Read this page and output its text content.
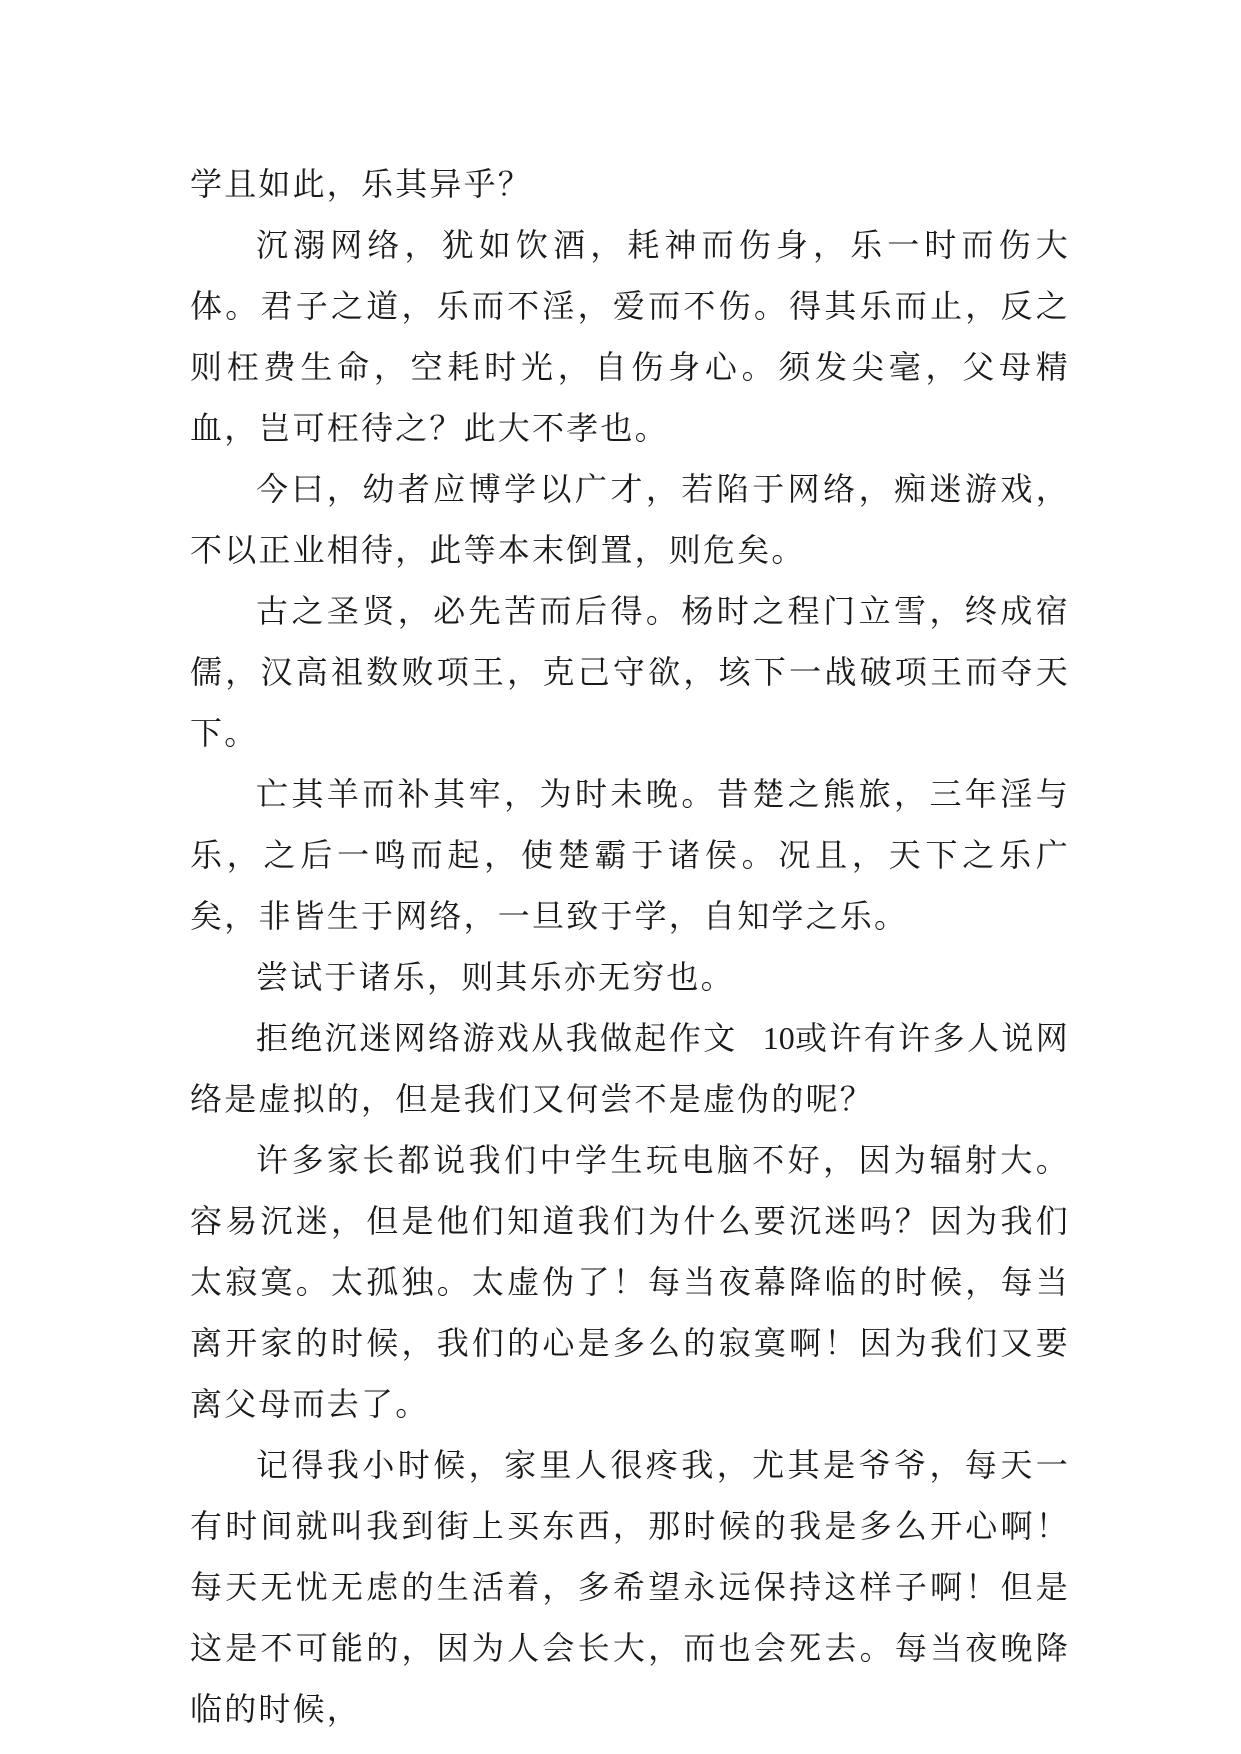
学且如此，乐其异乎？

沉溺网络，犹如饮酒，耗神而伤身，乐一时而伤大体。君子之道，乐而不淫，爱而不伤。得其乐而止，反之则枉费生命，空耗时光，自伤身心。须发尖毫，父母精血，岂可枉待之？此大不孝也。

今曰，幼者应博学以广才，若陷于网络，痴迷游戏，不以正业相待，此等本末倒置，则危矣。

古之圣贤，必先苦而后得。杨时之程门立雪，终成宿儒，汉高祖数败项王，克己守欲，垓下一战破项王而夺天下。

亡其羊而补其牢，为时未晚。昔楚之熊旅，三年淫与乐，之后一鸣而起，使楚霸于诸侯。况且，天下之乐广矣，非皆生于网络，一旦致于学，自知学之乐。

尝试于诸乐，则其乐亦无穷也。

拒绝沉迷网络游戏从我做起作文 10或许有许多人说网络是虚拟的，但是我们又何尝不是虚伪的呢？

许多家长都说我们中学生玩电脑不好，因为辐射大。容易沉迷，但是他们知道我们为什么要沉迷吗？因为我们太寂寞。太孤独。太虚伪了！每当夜幕降临的时候，每当离开家的时候，我们的心是多么的寂寞啊！因为我们又要离父母而去了。

记得我小时候，家里人很疼我，尤其是爷爷，每天一有时间就叫我到街上买东西，那时候的我是多么开心啊！每天无忧无虑的生活着，多希望永远保持这样子啊！但是这是不可能的，因为人会长大，而也会死去。每当夜晚降临的时候，
